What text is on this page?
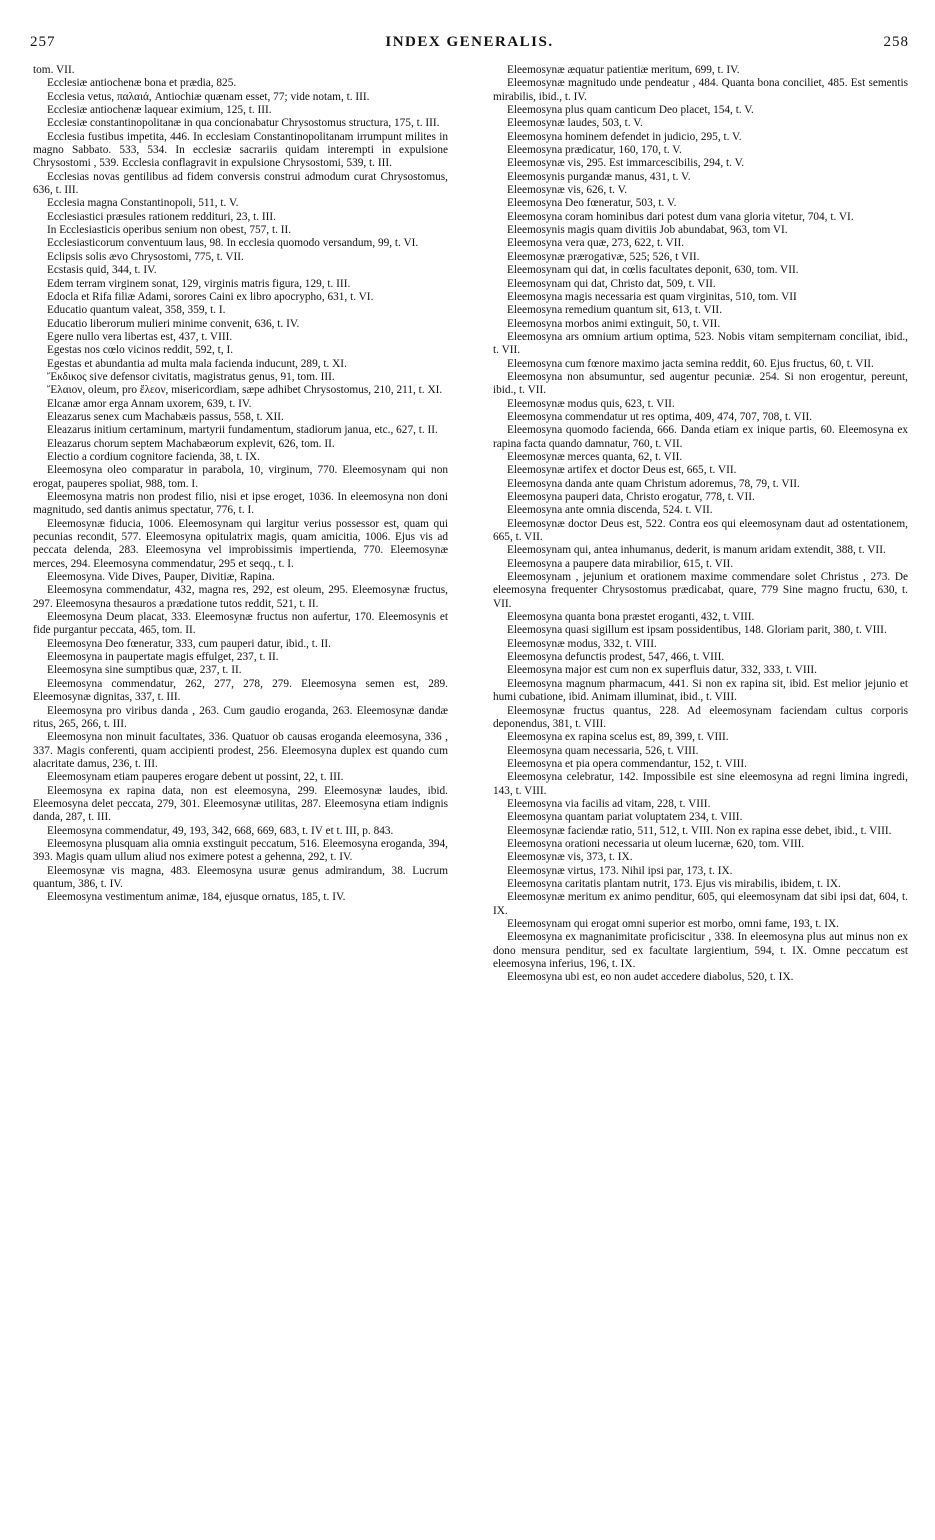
257	INDEX GENERALIS.	258

tom. VII.

Ecclesiæ antiochenæ bona et prædia, 825.

Ecclesia vetus, παλαιά, Antiochiæ quænam esset, 77; vide notam, t. III.

Ecclesiæ antiochenæ laquear eximium, 125, t. III.

Ecclesiæ constantinopolitanæ in qua concionabatur Chrysostomus structura, 175, t. III.

Ecclesia fustibus impetita, 446. In ecclesiam Constantinopolitanam irrumpunt milites in magno Sabbato. 533, 534. In ecclesiæ sacrariis quidam interempti in expulsione Chrysostomi , 539. Ecclesia conflagravit in expulsione Chrysostomi, 539, t. III.

Ecclesias novas gentilibus ad fidem conversis construi admodum curat Chrysostomus, 636, t. III.

Ecclesia magna Constantinopoli, 511, t. V.

Ecclesiastici præsules rationem reddituri, 23, t. III.

In Ecclesiasticis operibus senium non obest, 757, t. II.

Ecclesiasticorum conventuum laus, 98. In ecclesia quomodo versandum, 99, t. VI.

Eclipsis solis ævo Chrysostomi, 775, t. VII.

Ecstasis quid, 344, t. IV.

Edem terram virginem sonat, 129, virginis matris figura, 129, t. III.

Edocla et Rifa filiæ Adami, sorores Caini ex libro apocrypho, 631, t. VI.

Educatio quantum valeat, 358, 359, t. I.

Educatio liberorum mulieri minime convenit, 636, t. IV.

Egere nullo vera libertas est, 437, t. VIII.

Egestas nos cœlo vicinos reddit, 592, t, I.

Egestas et abundantia ad multa mala facienda inducunt, 289, t. XI.

Ἔκδικος sive defensor civitatis, magistratus genus, 91, tom. III.

Ἔλαιον, oleum, pro ἔλεον, misericordiam, sæpe adhibet Chrysostomus, 210, 211, t. XI.

Elcanæ amor erga Annam uxorem, 639, t. IV.

Eleazarus senex cum Machabæis passus, 558, t. XII.

Eleazarus initium certaminum, martyrii fundamentum, stadiorum janua, etc., 627, t. II.

Eleazarus chorum septem Machabæorum explevit, 626, tom. II.

Electio a cordium cognitore facienda, 38, t. IX.

Eleemosyna oleo comparatur in parabola, 10, virginum, 770. Eleemosynam qui non erogat, pauperes spoliat, 988, tom. I.

Eleemosyna matris non prodest filio, nisi et ipse eroget, 1036. In eleemosyna non doni magnitudo, sed dantis animus spectatur, 776, t. I.

Eleemosynæ fiducia, 1006. Eleemosynam qui largitur verius possessor est, quam qui pecunias recondit, 577. Eleemosyna opitulatrix magis, quam amicitia, 1006. Ejus vis ad peccata delenda, 283. Eleemosyna vel improbissimis impertienda, 770. Eleemosynæ merces, 294. Eleemosyna commendatur, 295 et seqq., t. I.

Eleemosyna. Vide Dives, Pauper, Divitiæ, Rapina.

Eleemosyna commendatur, 432, magna res, 292, est oleum, 295. Eleemosynæ fructus, 297. Eleemosyna thesauros a prædatione tutos reddit, 521, t. II.

Eleemosyna Deum placat, 333. Eleemosynæ fructus non aufertur, 170. Eleemosynis et fide purgantur peccata, 465, tom. II.

Eleemosyna Deo fœneratur, 333, cum pauperi datur, ibid., t. II.

Eleemosyna in paupertate magis effulget, 237, t. II.

Eleemosyna sine sumptibus quæ, 237, t. II.

Eleemosyna commendatur, 262, 277, 278, 279. Eleemosyna semen est, 289. Eleemosynæ dignitas, 337, t. III.

Eleemosyna pro viribus danda , 263. Cum gaudio eroganda, 263. Eleemosynæ dandæ ritus, 265, 266, t. III.

Eleemosyna non minuit facultates, 336. Quatuor ob causas eroganda eleemosyna, 336 , 337. Magis conferenti, quam accipienti prodest, 256. Eleemosyna duplex est quando cum alacritate damus, 236, t. III.

Eleemosynam etiam pauperes erogare debent ut possint, 22, t. III.

Eleemosyna ex rapina data, non est eleemosyna, 299. Eleemosynæ laudes, ibid. Eleemosyna delet peccata, 279, 301. Eleemosynæ utilitas, 287. Eleemosyna etiam indignis danda, 287, t. III.

Eleemosyna commendatur, 49, 193, 342, 668, 669, 683, t. IV et t. III, p. 843.

Eleemosyna plusquam alia omnia exstinguit peccatum, 516. Eleemosyna eroganda, 394, 393. Magis quam ullum aliud nos eximere potest a gehenna, 292, t. IV.

Eleemosynæ vis magna, 483. Eleemosyna usuræ genus admirandum, 38. Lucrum quantum, 386, t. IV.

Eleemosyna vestimentum animæ, 184, ejusque ornatus, 185, t. IV.

Eleemosynæ æquatur patientiæ meritum, 699, t. IV.

Eleemosynæ magnitudo unde pendeatur , 484. Quanta bona conciliet, 485. Est sementis mirabilis, ibid., t. IV.

Eleemosyna plus quam canticum Deo placet, 154, t. V.

Eleemosynæ laudes, 503, t. V.

Eleemosyna hominem defendet in judicio, 295, t. V.

Eleemosyna prædicatur, 160, 170, t. V.

Eleemosynæ vis, 295. Est immarcescibilis, 294, t. V.

Eleemosynis purgandæ manus, 431, t. V.

Eleemosynæ vis, 626, t. V.

Eleemosyna Deo fœneratur, 503, t. V.

Eleemosyna coram hominibus dari potest dum vana gloria vitetur, 704, t. VI.

Eleemosynis magis quam divitiis Job abundabat, 963, tom VI.

Eleemosyna vera quæ, 273, 622, t. VII.

Eleemosynæ prærogativæ, 525; 526, t VII.

Eleemosynam qui dat, in cœlis facultates deponit, 630, tom. VII.

Eleemosynam qui dat, Christo dat, 509, t. VII.

Eleemosyna magis necessaria est quam virginitas, 510, tom. VII

Eleemosyna remedium quantum sit, 613, t. VII.

Eleemosyna morbos animi extinguit, 50, t. VII.

Eleemosyna ars omnium artium optima, 523. Nobis vitam sempiternam conciliat, ibid., t. VII.

Eleemosyna cum fœnore maximo jacta semina reddit, 60. Ejus fructus, 60, t. VII.

Eleemosyna non absumuntur, sed augentur pecuniæ. 254. Si non erogentur, pereunt, ibid., t. VII.

Eleemosynæ modus quis, 623, t. VII.

Eleemosyna commendatur ut res optima, 409, 474, 707, 708, t. VII.

Eleemosyna quomodo facienda, 666. Danda etiam ex inique partis, 60. Eleemosyna ex rapina facta quando damnatur, 760, t. VII.

Eleemosynæ merces quanta, 62, t. VII.

Eleemosynæ artifex et doctor Deus est, 665, t. VII.

Eleemosyna danda ante quam Christum adoremus, 78, 79, t. VII.

Eleemosyna pauperi data, Christo erogatur, 778, t. VII.

Eleemosyna ante omnia discenda, 524. t. VII.

Eleemosynæ doctor Deus est, 522. Contra eos qui eleemosynam daut ad ostentationem, 665, t. VII.

Eleemosynam qui, antea inhumanus, dederit, is manum aridam extendit, 388, t. VII.

Eleemosyna a paupere data mirabilior, 615, t. VII.

Eleemosynam , jejunium et orationem maxime commendare solet Christus , 273. De eleemosyna frequenter Chrysostomus prædicabat, quare, 779 Sine magno fructu, 630, t. VII.

Eleemosyna quanta bona præstet eroganti, 432, t. VIII.

Eleemosyna quasi sigillum est ipsam possidentibus, 148. Gloriam parit, 380, t. VIII.

Eleemosynæ modus, 332, t. VIII.

Eleemosyna defunctis prodest, 547, 466, t. VIII.

Eleemosyna major est cum non ex superfluis datur, 332, 333, t. VIII.

Eleemosyna magnum pharmacum, 441. Si non ex rapina sit, ibid. Est melior jejunio et humi cubatione, ibid. Animam illuminat, ibid., t. VIII.

Eleemosynæ fructus quantus, 228. Ad eleemosynam faciendam cultus corporis deponendus, 381, t. VIII.

Eleemosyna ex rapina scelus est, 89, 399, t. VIII.

Eleemosyna quam necessaria, 526, t. VIII.

Eleemosyna et pia opera commendantur, 152, t. VIII.

Eleemosyna celebratur, 142. Impossibile est sine eleemosyna ad regni limina ingredi, 143, t. VIII.

Eleemosyna via facilis ad vitam, 228, t. VIII.

Eleemosyna quantam pariat voluptatem 234, t. VIII.

Eleemosynæ faciendæ ratio, 511, 512, t. VIII. Non ex rapina esse debet, ibid., t. VIII.

Eleemosyna orationi necessaria ut oleum lucernæ, 620, tom. VIII.

Eleemosynæ vis, 373, t. IX.

Eleemosynæ virtus, 173. Nihil ipsi par, 173, t. IX.

Eleemosyna caritatis plantam nutrit, 173. Ejus vis mirabilis, ibidem, t. IX.

Eleemosynæ meritum ex animo penditur, 605, qui eleemosynam dat sibi ipsi dat, 604, t. IX.

Eleemosynam qui erogat omni superior est morbo, omni fame, 193, t. IX.

Eleemosyna ex magnanimitate proficiscitur , 338. In eleemosyna plus aut minus non ex dono mensura penditur, sed ex facultate largientium, 594, t. IX. Omne peccatum est eleemosyna inferius, 196, t. IX.

Eleemosyna ubi est, eo non audet accedere diabolus, 520, t. IX.
